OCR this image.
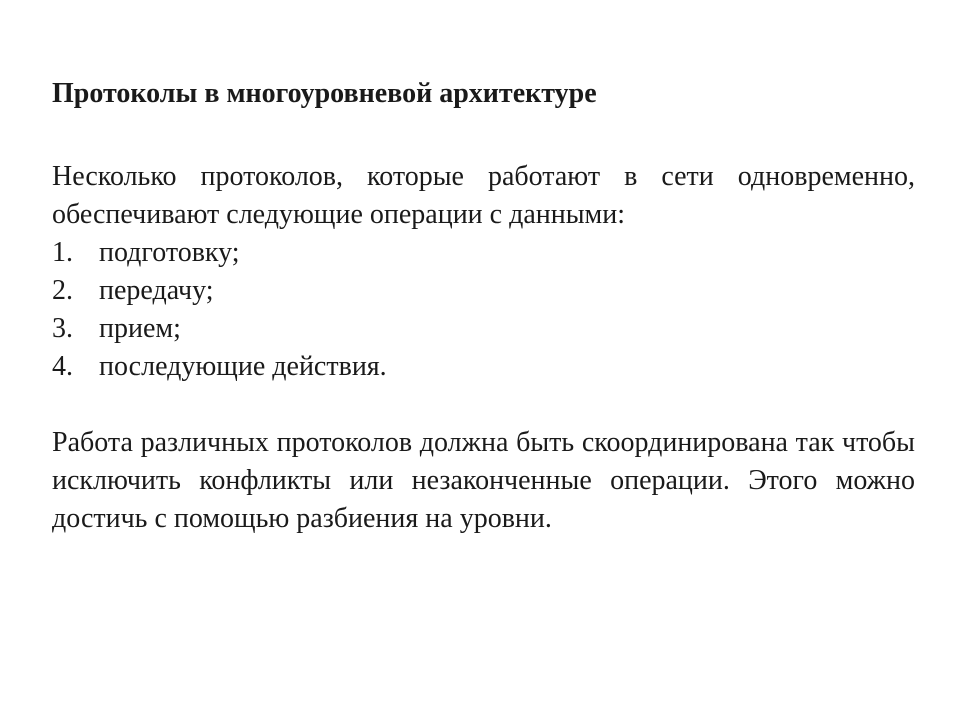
Протоколы в многоуровневой архитектуре

Несколько протоколов, которые работают в сети одновременно, обеспечивают следующие операции с данными:

1. подготовку;
2. передачу;
3. прием;
4. последующие действия.

Работа различных протоколов должна быть скоординирована так чтобы исключить конфликты или незаконченные операции. Этого можно достичь с помощью разбиения на уровни.
